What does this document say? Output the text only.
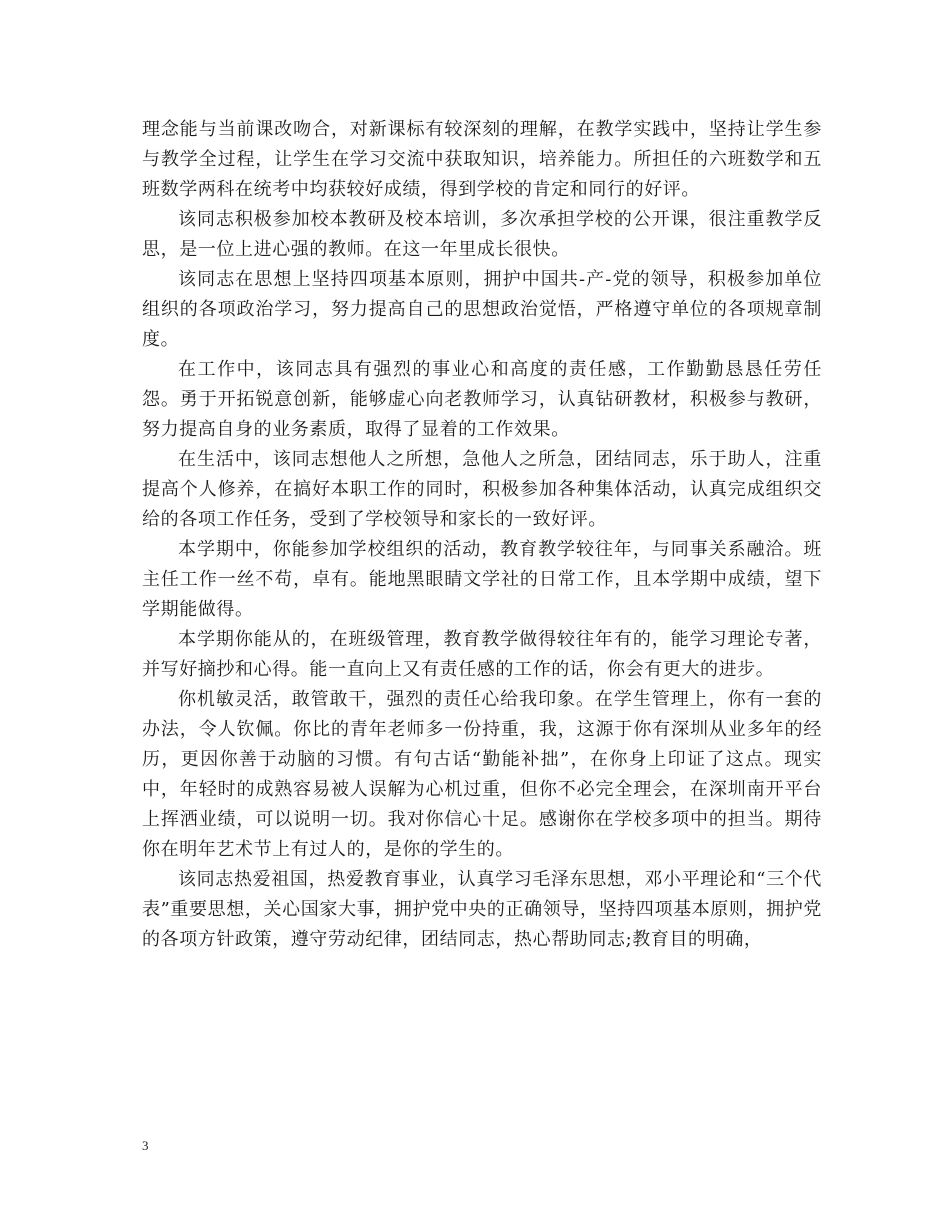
理念能与当前课改吻合，对新课标有较深刻的理解，在教学实践中，坚持让学生参与教学全过程，让学生在学习交流中获取知识，培养能力。所担任的六班数学和五班数学两科在统考中均获较好成绩，得到学校的肯定和同行的好评。

该同志积极参加校本教研及校本培训，多次承担学校的公开课，很注重教学反思，是一位上进心强的教师。在这一年里成长很快。

该同志在思想上坚持四项基本原则，拥护中国共-产-党的领导，积极参加单位组织的各项政治学习，努力提高自己的思想政治觉悟，严格遵守单位的各项规章制度。

在工作中，该同志具有强烈的事业心和高度的责任感，工作勤勤恳恳任劳任怨。勇于开拓锐意创新，能够虚心向老教师学习，认真钻研教材，积极参与教研，努力提高自身的业务素质，取得了显着的工作效果。

在生活中，该同志想他人之所想，急他人之所急，团结同志，乐于助人，注重提高个人修养，在搞好本职工作的同时，积极参加各种集体活动，认真完成组织交给的各项工作任务，受到了学校领导和家长的一致好评。

本学期中，你能参加学校组织的活动，教育教学较往年，与同事关系融洽。班主任工作一丝不苟，卓有。能地黑眼睛文学社的日常工作，且本学期中成绩，望下学期能做得。

本学期你能从的，在班级管理，教育教学做得较往年有的，能学习理论专著，并写好摘抄和心得。能一直向上又有责任感的工作的话，你会有更大的进步。

你机敏灵活，敢管敢干，强烈的责任心给我印象。在学生管理上，你有一套的办法，令人钦佩。你比的青年老师多一份持重，我，这源于你有深圳从业多年的经历，更因你善于动脑的习惯。有句古话“勤能补拙”，在你身上印证了这点。现实中，年轻时的成熟容易被人误解为心机过重，但你不必完全理会，在深圳南开平台上挥洒业绩，可以说明一切。我对你信心十足。感谢你在学校多项中的担当。期待你在明年艺术节上有过人的，是你的学生的。

该同志热爱祖国，热爱教育事业，认真学习毛泽东思想，邓小平理论和“三个代表”重要思想，关心国家大事，拥护党中央的正确领导，坚持四项基本原则，拥护党的各项方针政策，遵守劳动纪律，团结同志，热心帮助同志;教育目的明确，

3
